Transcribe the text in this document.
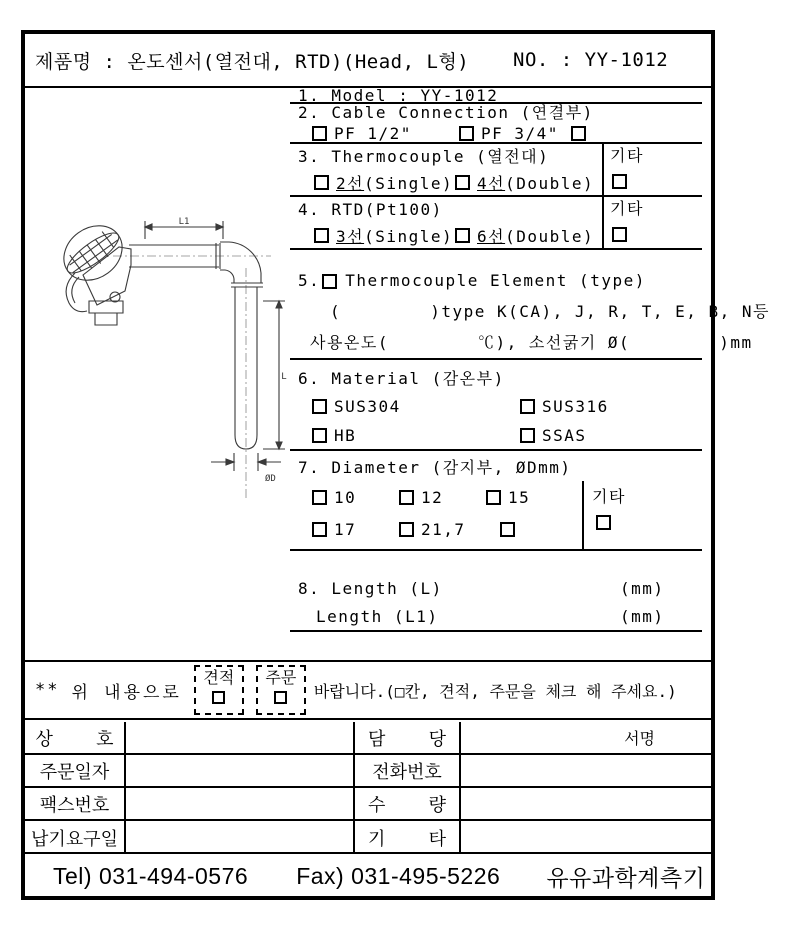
제품명 : 온도센서(열전대, RTD)(Head, L형) NO. : YY-1012
L1
L
ØD
1. Model : YY-1012
2. Cable Connection (연결부)
PF 1/2"	PF 3/4"
3. Thermocouple (열전대)
2선(Single) 4선(Double)
기타
4. RTD(Pt100)
3선(Single) 6선(Double)
기타
5. Thermocouple Element (type)
(        )type K(CA), J, R, T, E, B, N등
사용온도(        ℃), 소선굵기 Ø(        )mm
6. Material (감온부)
SUS304	SUS316
HB	SSAS
7. Diameter (감지부, ØDmm)
10	12	15
17	21,7
기타
8. Length (L)	(mm)
Length (L1)	(mm)
** 위 내용으로
견적 주문
바랍니다.(□칸, 견적, 주문을 체크 해 주세요.)
상    호	담    당	서명
주문일자	전화번호
팩스번호	수    량
납기요구일	기    타
Tel) 031-494-0576 Fax) 031-495-5226 유유과학계측기
